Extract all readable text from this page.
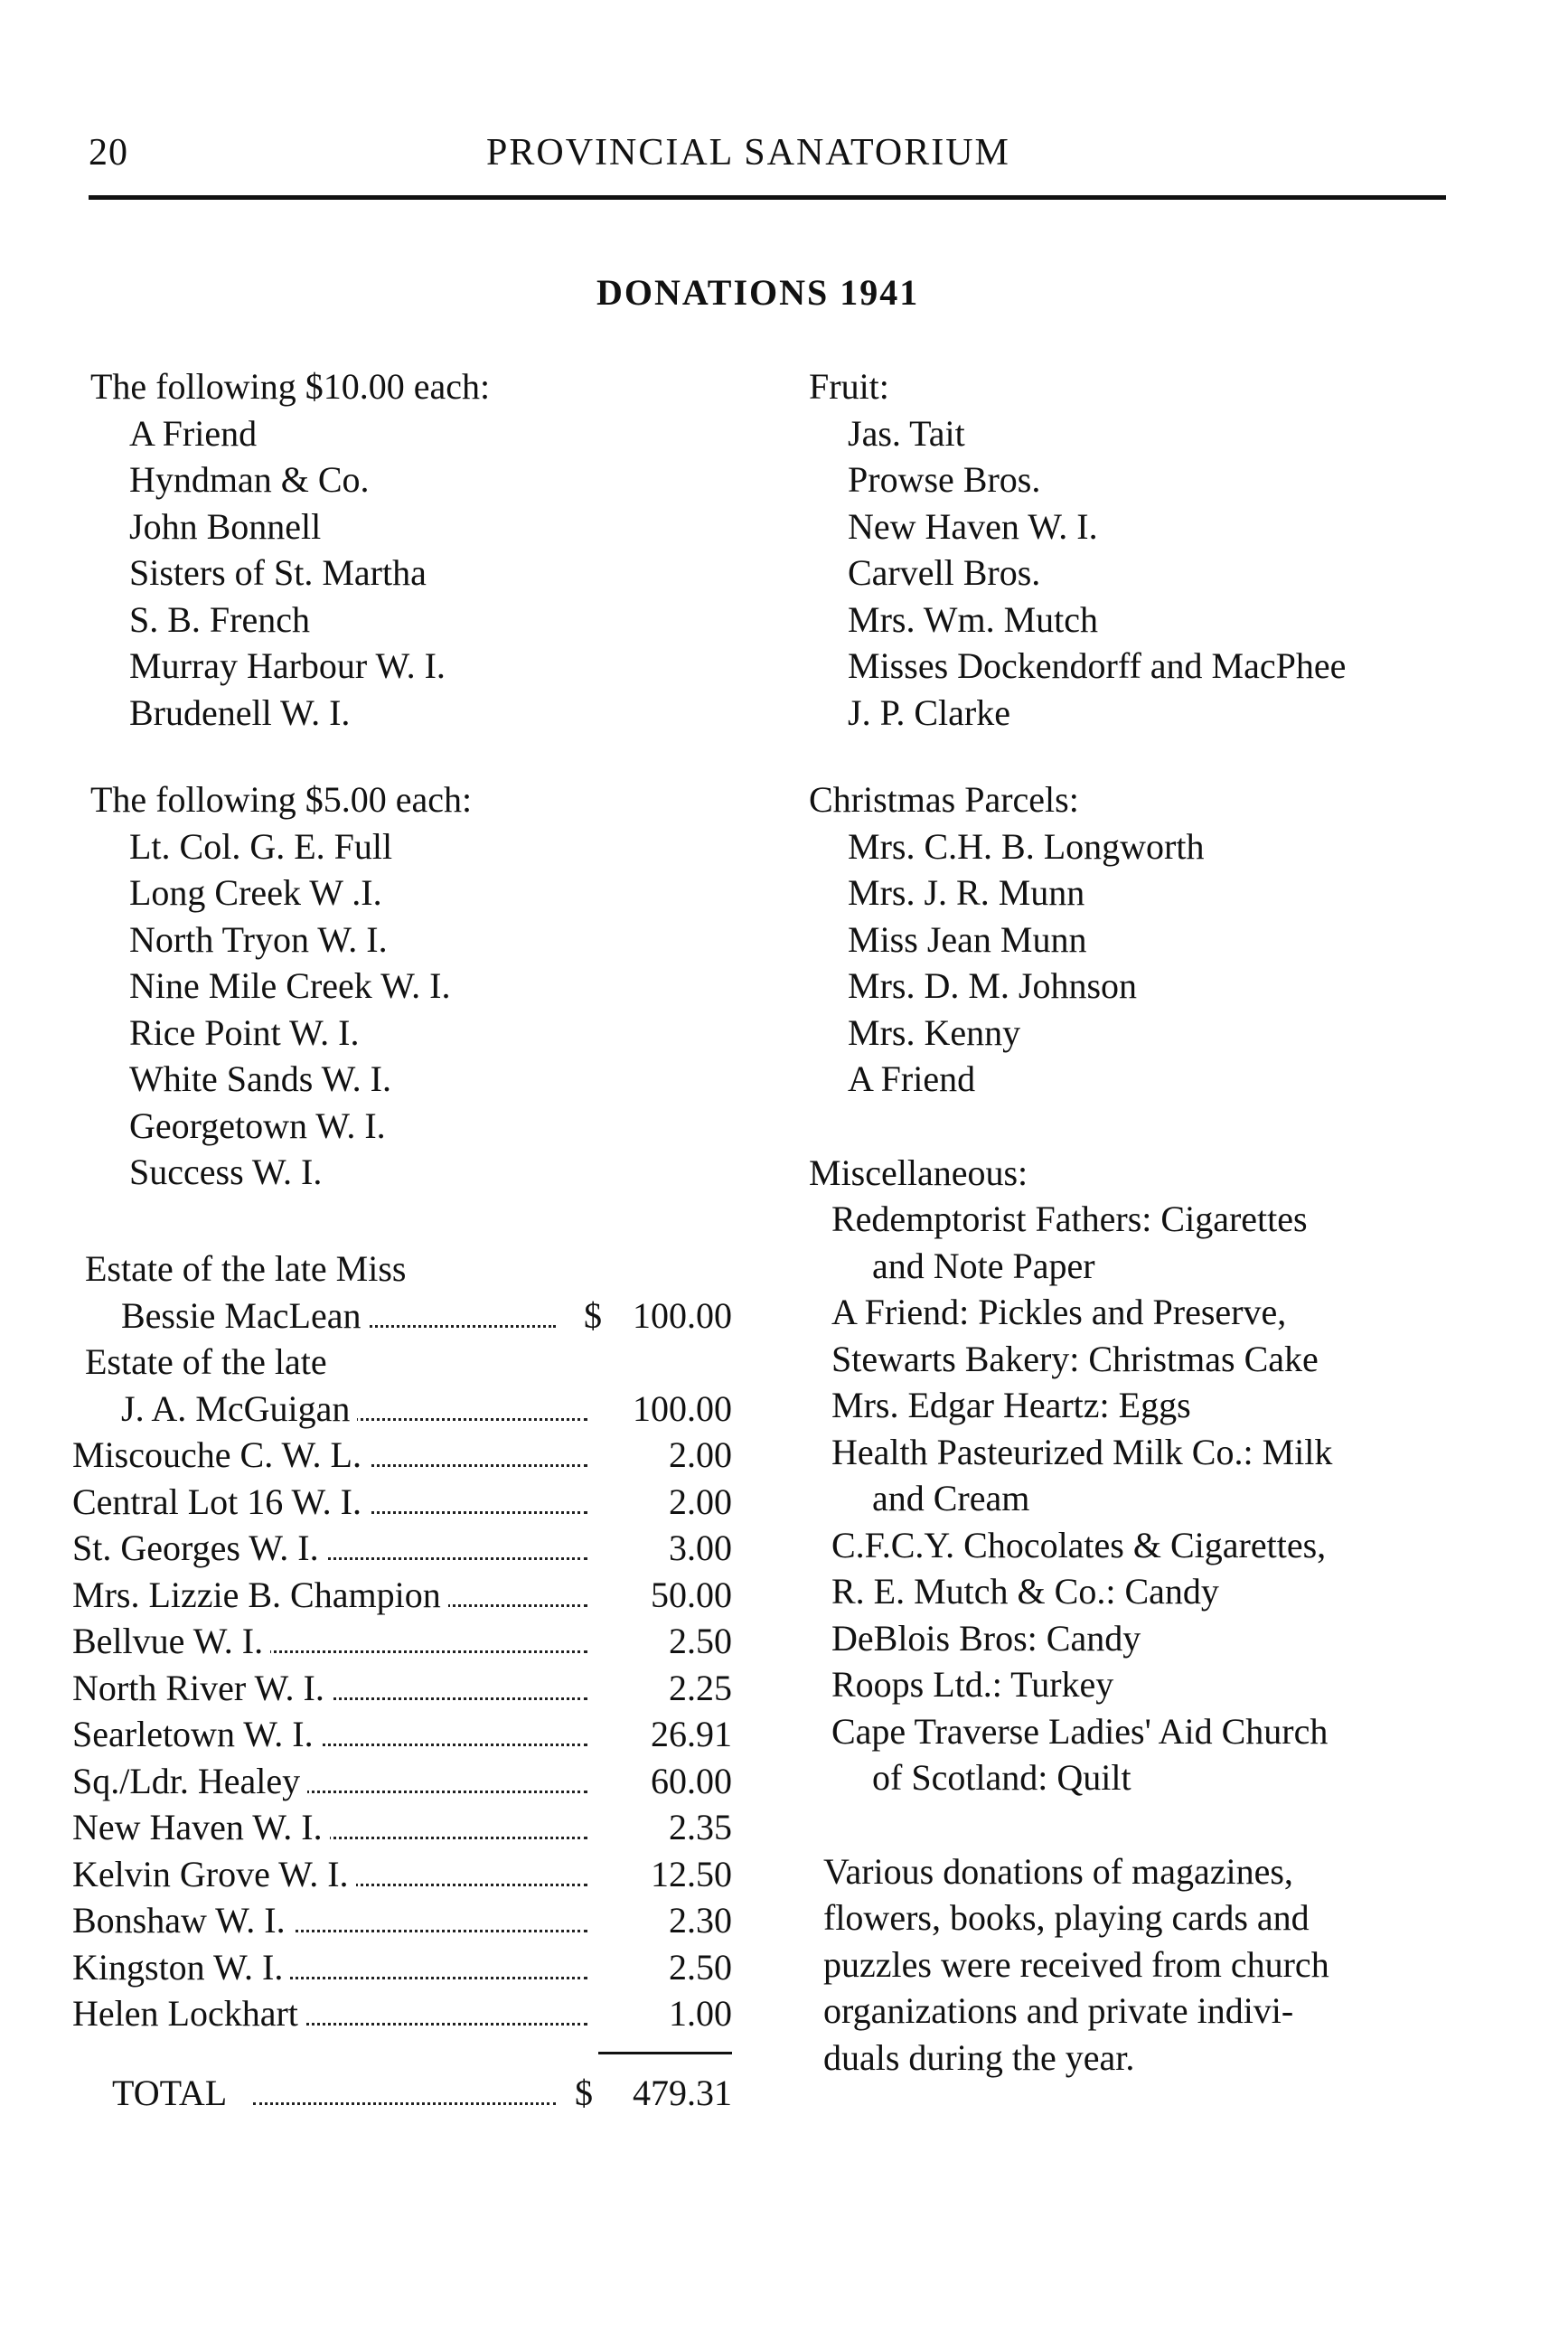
20	PROVINCIAL SANATORIUM
DONATIONS 1941
The following $10.00 each:
A Friend
Hyndman & Co.
John Bonnell
Sisters of St. Martha
S. B. French
Murray Harbour W. I.
Brudenell W. I.
The following $5.00 each:
Lt. Col. G. E. Full
Long Creek W .I.
North Tryon W. I.
Nine Mile Creek W. I.
Rice Point W. I.
White Sands W. I.
Georgetown W. I.
Success W. I.
Estate of the late Miss
Bessie MacLean	$ 100.00
Estate of the late
J. A. McGuigan	100.00
Miscouche C. W. L.	2.00
Central Lot 16 W. I.	2.00
St. Georges W. I.	3.00
Mrs. Lizzie B. Champion	50.00
Bellvue W. I.	2.50
North River W. I.	2.25
Searletown W. I.	26.91
Sq./Ldr. Healey	60.00
New Haven W. I.	2.35
Kelvin Grove W. I.	12.50
Bonshaw W. I.	2.30
Kingston W. I.	2.50
Helen Lockhart	1.00
TOTAL	$ 479.31
Fruit:
Jas. Tait
Prowse Bros.
New Haven W. I.
Carvell Bros.
Mrs. Wm. Mutch
Misses Dockendorff and MacPhee
J. P. Clarke
Christmas Parcels:
Mrs. C.H. B. Longworth
Mrs. J. R. Munn
Miss Jean Munn
Mrs. D. M. Johnson
Mrs. Kenny
A Friend
Miscellaneous:
Redemptorist Fathers: Cigarettes
and Note Paper
A Friend: Pickles and Preserve,
Stewarts Bakery: Christmas Cake
Mrs. Edgar Heartz: Eggs
Health Pasteurized Milk Co.: Milk
and Cream
C.F.C.Y. Chocolates & Cigarettes,
R. E. Mutch & Co.: Candy
DeBlois Bros: Candy
Roops Ltd.: Turkey
Cape Traverse Ladies' Aid Church
of Scotland: Quilt
Various donations of magazines,
flowers, books, playing cards and
puzzles were received from church
organizations and private indivi-
duals during the year.
